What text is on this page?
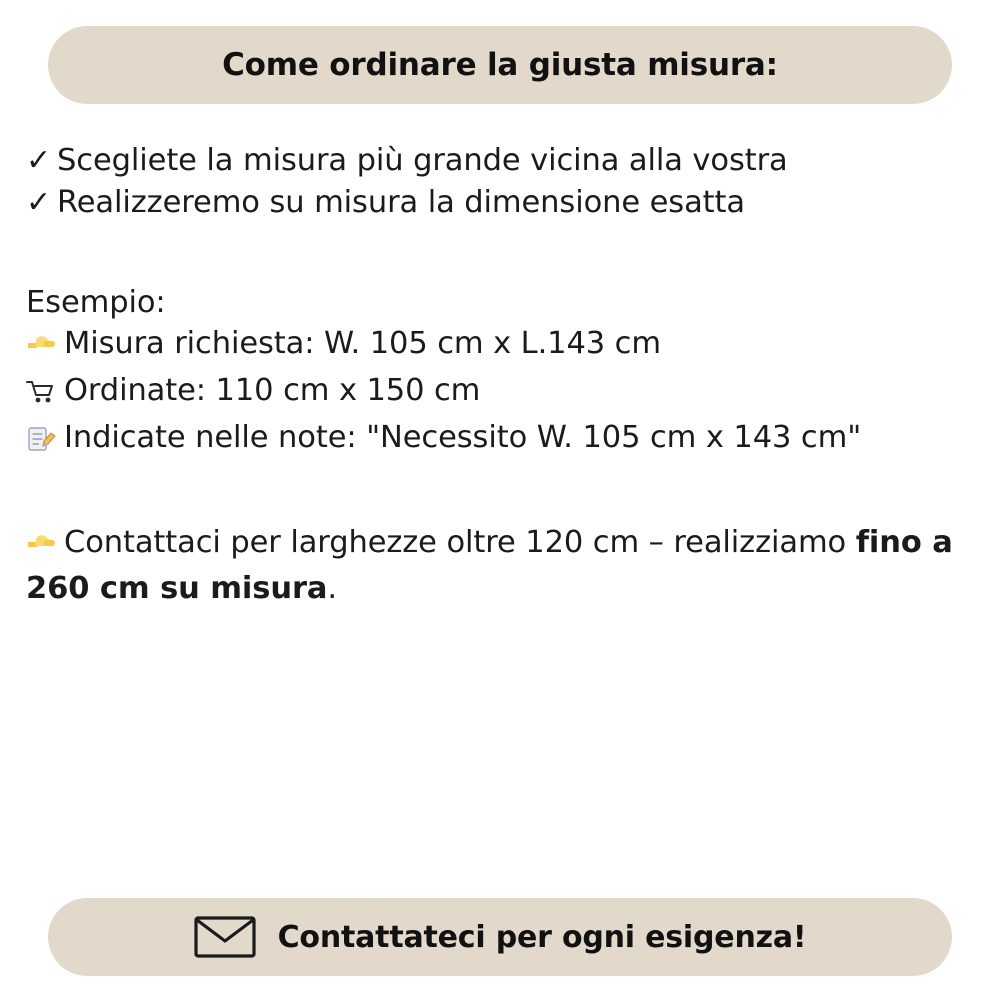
Come ordinare la giusta misura:
✓ Scegliete la misura più grande vicina alla vostra
✓ Realizzeremo su misura la dimensione esatta
Esempio:
Misura richiesta: W. 105 cm x L.143 cm
Ordinate: 110 cm x 150 cm
Indicate nelle note: "Necessito W. 105 cm x 143 cm"
Contattaci per larghezze oltre 120 cm – realizziamo fino a 260 cm su misura.
Contattateci per ogni esigenza!
